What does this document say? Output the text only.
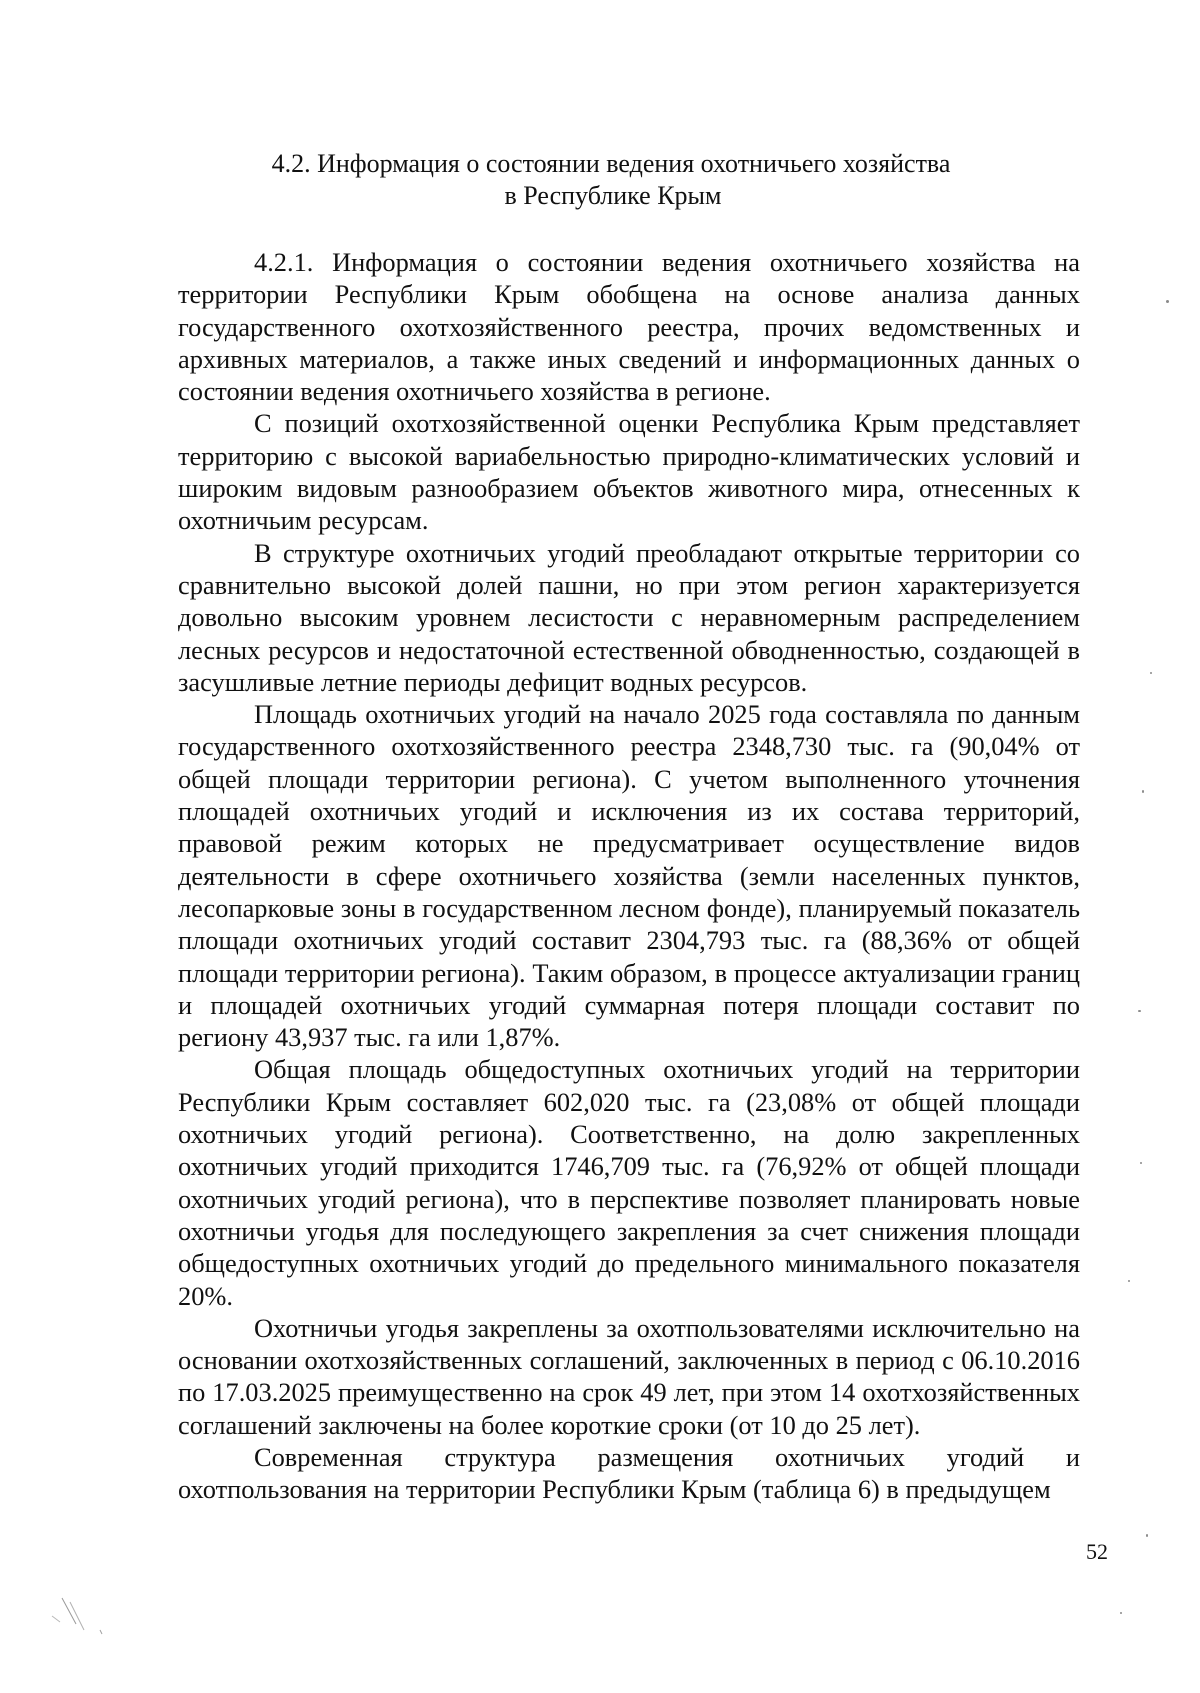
4.2. Информация о состоянии ведения охотничьего хозяйства
в Республике Крым

4.2.1. Информация о состоянии ведения охотничьего хозяйства на территории Республики Крым обобщена на основе анализа данных государственного охотхозяйственного реестра, прочих ведомственных и архивных материалов, а также иных сведений и информационных данных о состоянии ведения охотничьего хозяйства в регионе.

С позиций охотхозяйственной оценки Республика Крым представляет территорию с высокой вариабельностью природно-климатических условий и широким видовым разнообразием объектов животного мира, отнесенных к охотничьим ресурсам.

В структуре охотничьих угодий преобладают открытые территории со сравнительно высокой долей пашни, но при этом регион характеризуется довольно высоким уровнем лесистости с неравномерным распределением лесных ресурсов и недостаточной естественной обводненностью, создающей в засушливые летние периоды дефицит водных ресурсов.

Площадь охотничьих угодий на начало 2025 года составляла по данным государственного охотхозяйственного реестра 2348,730 тыс. га (90,04% от общей площади территории региона). С учетом выполненного уточнения площадей охотничьих угодий и исключения из их состава территорий, правовой режим которых не предусматривает осуществление видов деятельности в сфере охотничьего хозяйства (земли населенных пунктов, лесопарковые зоны в государственном лесном фонде), планируемый показатель площади охотничьих угодий составит 2304,793 тыс. га (88,36% от общей площади территории региона). Таким образом, в процессе актуализации границ и площадей охотничьих угодий суммарная потеря площади составит по региону 43,937 тыс. га или 1,87%.

Общая площадь общедоступных охотничьих угодий на территории Республики Крым составляет 602,020 тыс. га (23,08% от общей площади охотничьих угодий региона). Соответственно, на долю закрепленных охотничьих угодий приходится 1746,709 тыс. га (76,92% от общей площади охотничьих угодий региона), что в перспективе позволяет планировать новые охотничьи угодья для последующего закрепления за счет снижения площади общедоступных охотничьих угодий до предельного минимального показателя 20%.

Охотничьи угодья закреплены за охотпользователями исключительно на основании охотхозяйственных соглашений, заключенных в период с 06.10.2016 по 17.03.2025 преимущественно на срок 49 лет, при этом 14 охотхозяйственных соглашений заключены на более короткие сроки (от 10 до 25 лет).

Современная структура размещения охотничьих угодий и охотпользования на территории Республики Крым (таблица 6) в предыдущем

52
